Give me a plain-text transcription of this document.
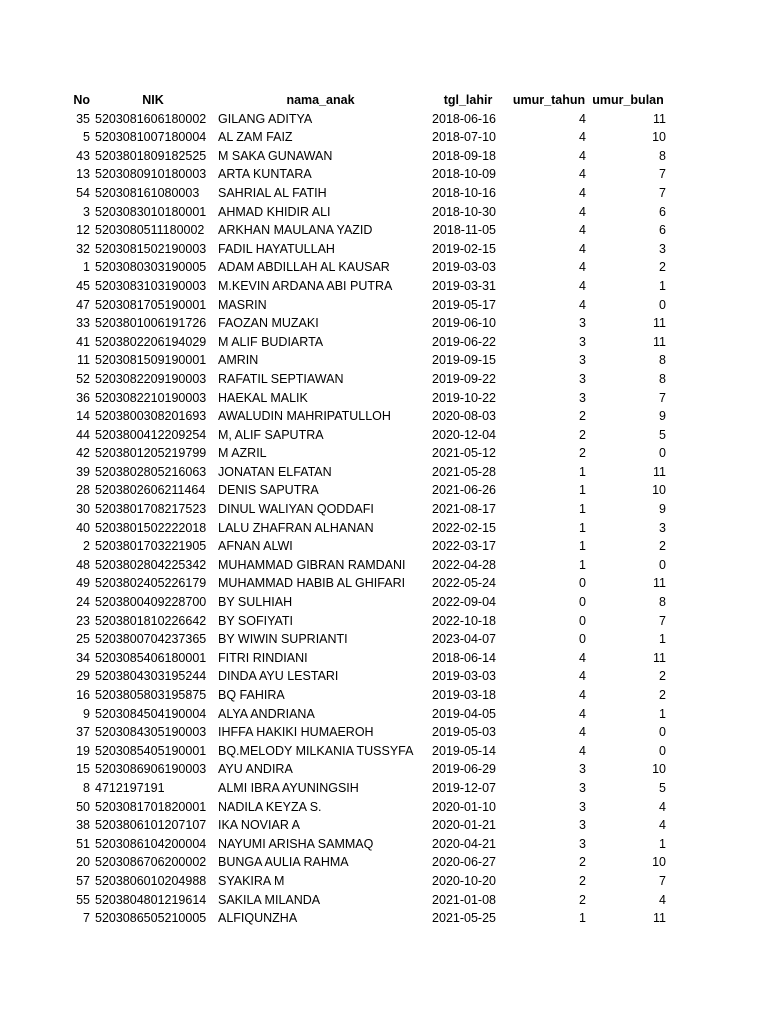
No	NIK	nama_anak	tgl_lahir	umur_tahun umur_bulan
35 5203081606180002 GILANG ADITYA	2018-06-16	4	11
5 5203081007180004 AL ZAM FAIZ	2018-07-10	4	10
43 5203801809182525 M SAKA GUNAWAN	2018-09-18	4	8
13 5203080910180003 ARTA KUNTARA	2018-10-09	4	7
54 520308161080003	SAHRIAL AL FATIH	2018-10-16	4	7
3 5203083010180001 AHMAD KHIDIR ALI	2018-10-30	4	6
12 5203080511180002	ARKHAN MAULANA YAZID	2018-11-05	4	6
32 5203081502190003 FADIL HAYATULLAH	2019-02-15	4	3
1 5203080303190005 ADAM ABDILLAH AL KAUSAR	2019-03-03	4	2
45 5203083103190003 M.KEVIN ARDANA ABI PUTRA	2019-03-31	4	1
47 5203081705190001 MASRIN	2019-05-17	4	0
33 5203801006191726 FAOZAN MUZAKI	2019-06-10	3	11
41 5203802206194029 M ALIF BUDIARTA	2019-06-22	3	11
11 5203081509190001 AMRIN	2019-09-15	3	8
52 5203082209190003 RAFATIL SEPTIAWAN	2019-09-22	3	8
36 5203082210190003 HAEKAL MALIK	2019-10-22	3	7
14 5203800308201693 AWALUDIN MAHRIPATULLOH	2020-08-03	2	9
44 5203800412209254 M, ALIF SAPUTRA	2020-12-04	2	5
42 5203801205219799 M AZRIL	2021-05-12	2	0
39 5203802805216063 JONATAN ELFATAN	2021-05-28	1	11
28 5203802606211464	DENIS SAPUTRA	2021-06-26	1	10
30 5203801708217523 DINUL WALIYAN QODDAFI	2021-08-17	1	9
40 5203801502222018 LALU ZHAFRAN ALHANAN	2022-02-15	1	3
2 5203801703221905 AFNAN ALWI	2022-03-17	1	2
48 5203802804225342 MUHAMMAD GIBRAN RAMDANI	2022-04-28	1	0
49 5203802405226179 MUHAMMAD HABIB AL GHIFARI	2022-05-24	0	11
24 5203800409228700 BY SULHIAH	2022-09-04	0	8
23 5203801810226642 BY SOFIYATI	2022-10-18	0	7
25 5203800704237365 BY WIWIN SUPRIANTI	2023-04-07	0	1
34 5203085406180001 FITRI RINDIANI	2018-06-14	4	11
29 5203804303195244 DINDA AYU LESTARI	2019-03-03	4	2
16 5203805803195875 BQ FAHIRA	2019-03-18	4	2
9 5203084504190004 ALYA ANDRIANA	2019-04-05	4	1
37 5203084305190003 IHFFA HAKIKI HUMAEROH	2019-05-03	4	0
19 5203085405190001 BQ.MELODY MILKANIA TUSSYFA	2019-05-14	4	0
15 5203086906190003 AYU ANDIRA	2019-06-29	3	10
8 4712197191	ALMI IBRA AYUNINGSIH	2019-12-07	3	5
50 5203081701820001 NADILA KEYZA S.	2020-01-10	3	4
38 5203806101207107 IKA NOVIAR A	2020-01-21	3	4
51 5203086104200004 NAYUMI ARISHA SAMMAQ	2020-04-21	3	1
20 5203086706200002 BUNGA AULIA RAHMA	2020-06-27	2	10
57 5203806010204988 SYAKIRA M	2020-10-20	2	7
55 5203804801219614 SAKILA MILANDA	2021-01-08	2	4
7 5203086505210005 ALFIQUNZHA	2021-05-25	1	11
